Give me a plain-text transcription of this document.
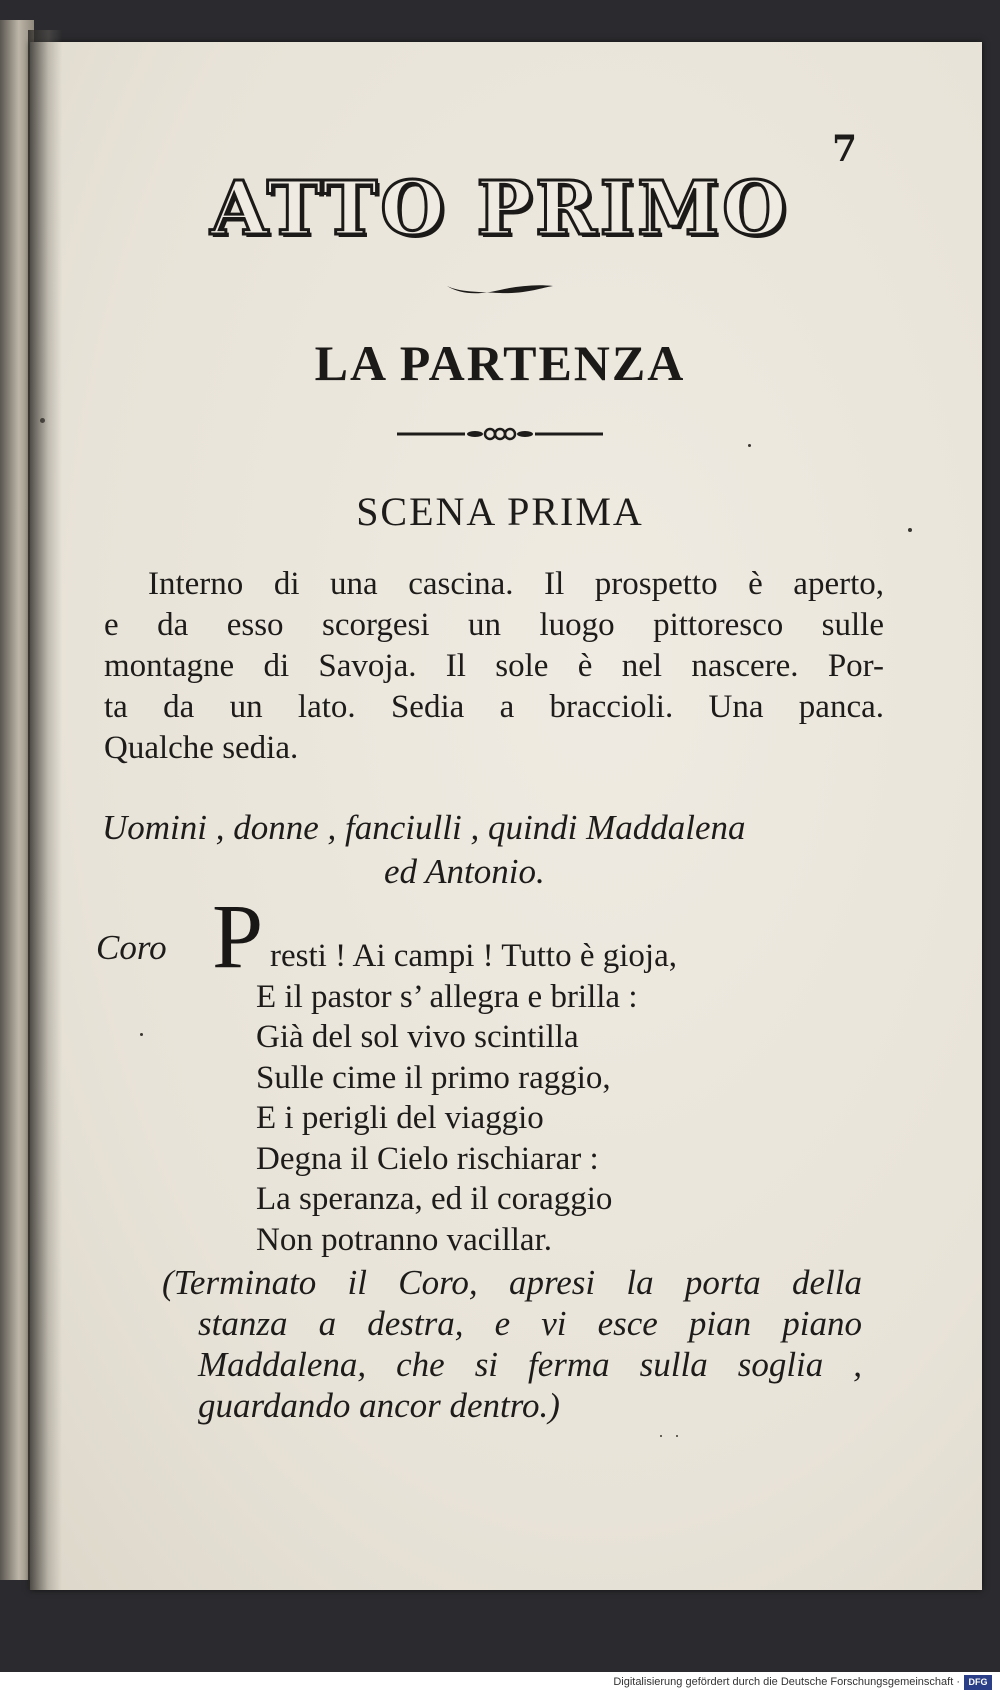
7
ATTO PRIMO
LA PARTENZA
SCENA PRIMA
Interno di una cascina. Il prospetto è aperto,
e da esso scorgesi un luogo pittoresco sulle
montagne di Savoja. Il sole è nel nascere. Por-
ta da un lato. Sedia a braccioli. Una panca.
Qualche sedia.
Uomini , donne , fanciulli , quindi Maddalena
ed Antonio.
Coro P resti ! Ai campi ! Tutto è gioja,
E il pastor s’ allegra e brilla :
Già del sol vivo scintilla
Sulle cime il primo raggio,
E i perigli del viaggio
Degna il Cielo rischiarar :
La speranza, ed il coraggio
Non potranno vacillar.
(Terminato il Coro, apresi la porta della
stanza a destra, e vi esce pian piano
Maddalena, che si ferma sulla soglia ,
guardando ancor dentro.)
Digitalisierung gefördert durch die Deutsche Forschungsgemeinschaft · DFG
